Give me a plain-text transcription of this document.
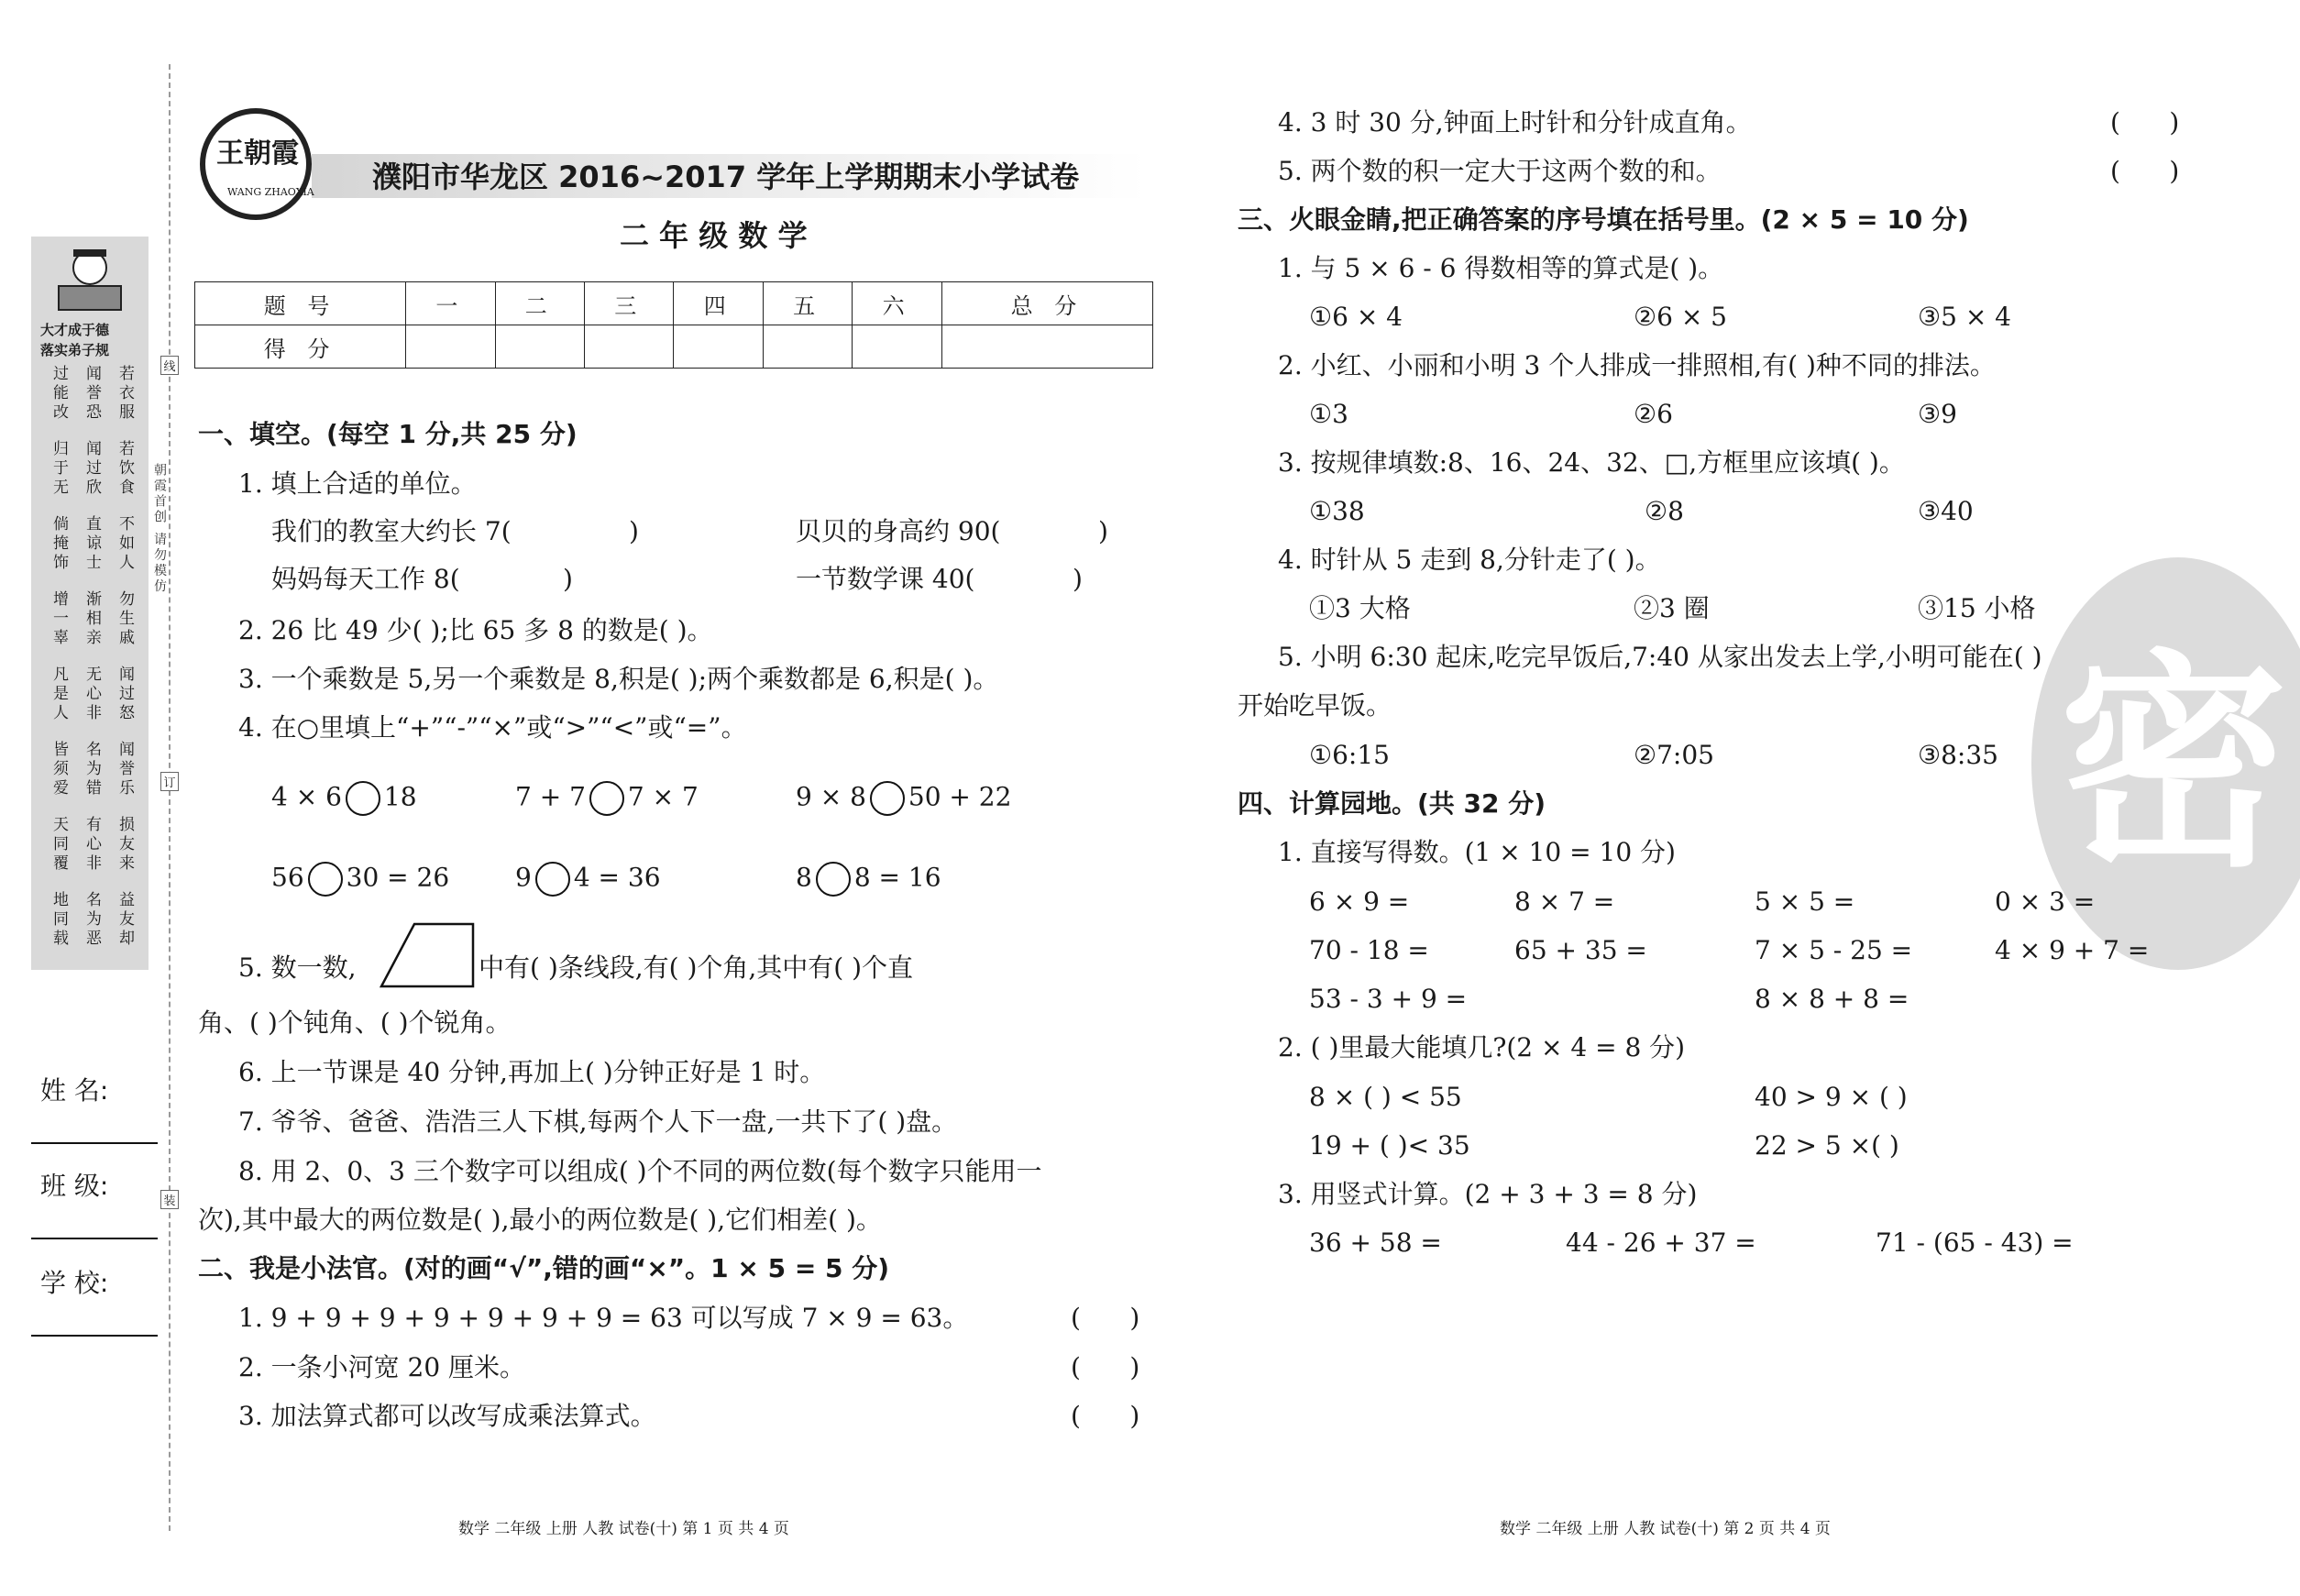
线
订
装
朝霞首创 请勿模仿
大才成于德
落实弟子规
若衣服
闻誉恐
过能改
若饮食
闻过欣
归于无
不如人
直谅士
倘掩饰
勿生戚
渐相亲
增一辜
闻过怒
无心非
凡是人
闻誉乐
名为错
皆须爱
损友来
有心非
天同覆
益友却
名为恶
地同载
姓 名:
班 级:
学 校:
王朝霞
WANG ZHAOXIA 濮阳市华龙区 2016~2017 学年上学期期末小学试卷
二 年 级 数 学
题 号	一	二	三	四	五	六	总 分
得 分							
一、填空。(每空 1 分,共 25 分)
1. 填上合适的单位。
我们的教室大约长 7(	)	贝贝的身高约 90(	)
妈妈每天工作 8(	)	一节数学课 40(	)
2. 26 比 49 少( );比 65 多 8 的数是( )。
3. 一个乘数是 5,另一个乘数是 8,积是( );两个乘数都是 6,积是( )。
4. 在○里填上“+”“-”“×”或“>”“<”或“=”。
4 × 6 18	7 + 7 7 × 7	9 × 8 50 + 22
56 30 = 26	9 4 = 36	8 8 = 16
5. 数一数,	中有( )条线段,有( )个角,其中有( )个直
角、( )个钝角、( )个锐角。
6. 上一节课是 40 分钟,再加上( )分钟正好是 1 时。
7. 爷爷、爸爸、浩浩三人下棋,每两个人下一盘,一共下了( )盘。
8. 用 2、0、3 三个数字可以组成( )个不同的两位数(每个数字只能用一
次),其中最大的两位数是( ),最小的两位数是( ),它们相差( )。
二、我是小法官。(对的画“√”,错的画“×”。1 × 5 = 5 分)
1. 9 + 9 + 9 + 9 + 9 + 9 + 9 = 63 可以写成 7 × 9 = 63。	(      )
2. 一条小河宽 20 厘米。	(      )
3. 加法算式都可以改写成乘法算式。	(      )
数学 二年级 上册 人教 试卷(十) 第 1 页 共 4 页
密
4. 3 时 30 分,钟面上时针和分针成直角。	(      )
5. 两个数的积一定大于这两个数的和。	(      )
三、火眼金睛,把正确答案的序号填在括号里。(2 × 5 = 10 分)
1. 与 5 × 6 - 6 得数相等的算式是( )。
①6 × 4	②6 × 5	③5 × 4
2. 小红、小丽和小明 3 个人排成一排照相,有( )种不同的排法。
①3	②6	③9
3. 按规律填数:8、16、24、32、□,方框里应该填( )。
①38	②8	③40
4. 时针从 5 走到 8,分针走了( )。
①3 大格	②3 圈	③15 小格
5. 小明 6:30 起床,吃完早饭后,7:40 从家出发去上学,小明可能在( )
开始吃早饭。
①6:15	②7:05	③8:35
四、计算园地。(共 32 分)
1. 直接写得数。(1 × 10 = 10 分)
6 × 9 =	8 × 7 =	5 × 5 =	0 × 3 =
70 - 18 =	65 + 35 =	7 × 5 - 25 =	4 × 9 + 7 =
53 - 3 + 9 =	8 × 8 + 8 =
2. ( )里最大能填几?(2 × 4 = 8 分)
8 × ( ) < 55	40 > 9 × ( )
19 + ( )< 35	22 > 5 ×( )
3. 用竖式计算。(2 + 3 + 3 = 8 分)
36 + 58 =	44 - 26 + 37 =	71 - (65 - 43) =
数学 二年级 上册 人教 试卷(十) 第 2 页 共 4 页
